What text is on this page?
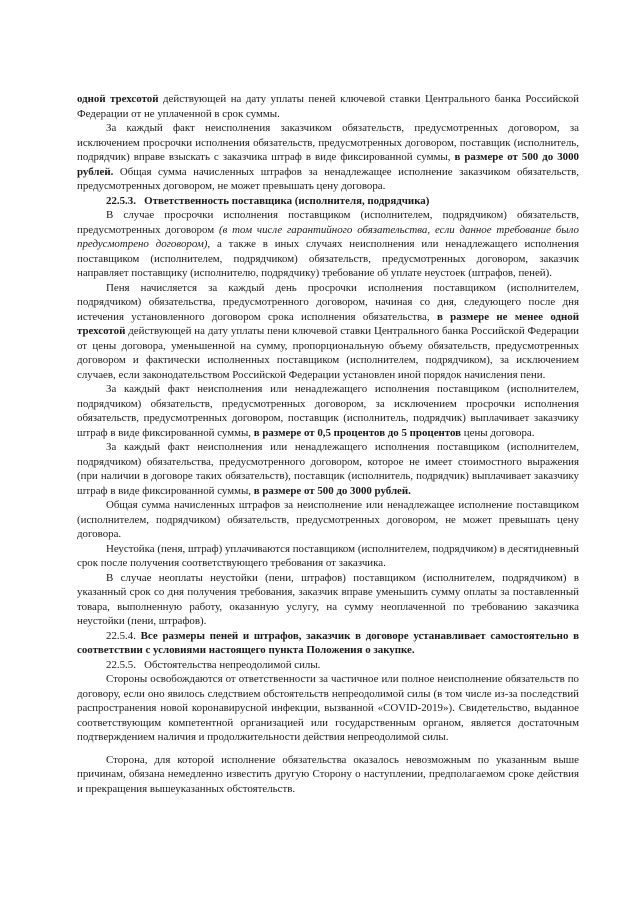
одной трехсотой действующей на дату уплаты пеней ключевой ставки Центрального банка Российской Федерации от не уплаченной в срок суммы.

За каждый факт неисполнения заказчиком обязательств, предусмотренных договором, за исключением просрочки исполнения обязательств, предусмотренных договором, поставщик (исполнитель, подрядчик) вправе взыскать с заказчика штраф в виде фиксированной суммы, в размере от 500 до 3000 рублей. Общая сумма начисленных штрафов за ненадлежащее исполнение заказчиком обязательств, предусмотренных договором, не может превышать цену договора.

22.5.3.   Ответственность поставщика (исполнителя, подрядчика)

В случае просрочки исполнения поставщиком (исполнителем, подрядчиком) обязательств, предусмотренных договором (в том числе гарантийного обязательства, если данное требование было предусмотрено договором), а также в иных случаях неисполнения или ненадлежащего исполнения поставщиком (исполнителем, подрядчиком) обязательств, предусмотренных договором, заказчик направляет поставщику (исполнителю, подрядчику) требование об уплате неустоек (штрафов, пеней).

Пеня начисляется за каждый день просрочки исполнения поставщиком (исполнителем, подрядчиком) обязательства, предусмотренного договором, начиная со дня, следующего после дня истечения установленного договором срока исполнения обязательства, в размере не менее одной трехсотой действующей на дату уплаты пени ключевой ставки Центрального банка Российской Федерации от цены договора, уменьшенной на сумму, пропорциональную объему обязательств, предусмотренных договором и фактически исполненных поставщиком (исполнителем, подрядчиком), за исключением случаев, если законодательством Российской Федерации установлен иной порядок начисления пени.

За каждый факт неисполнения или ненадлежащего исполнения поставщиком (исполнителем, подрядчиком) обязательств, предусмотренных договором, за исключением просрочки исполнения обязательств, предусмотренных договором, поставщик (исполнитель, подрядчик) выплачивает заказчику штраф в виде фиксированной суммы, в размере от 0,5 процентов до 5 процентов цены договора.

За каждый факт неисполнения или ненадлежащего исполнения поставщиком (исполнителем, подрядчиком) обязательства, предусмотренного договором, которое не имеет стоимостного выражения (при наличии в договоре таких обязательств), поставщик (исполнитель, подрядчик) выплачивает заказчику штраф в виде фиксированной суммы, в размере от 500 до 3000 рублей.

Общая сумма начисленных штрафов за неисполнение или ненадлежащее исполнение поставщиком (исполнителем, подрядчиком) обязательств, предусмотренных договором, не может превышать цену договора.

Неустойка (пеня, штраф) уплачиваются поставщиком (исполнителем, подрядчиком) в десятидневный срок после получения соответствующего требования от заказчика.

В случае неоплаты неустойки (пени, штрафов) поставщиком (исполнителем, подрядчиком) в указанный срок со дня получения требования, заказчик вправе уменьшить сумму оплаты за поставленный товара, выполненную работу, оказанную услугу, на сумму неоплаченной по требованию заказчика неустойки (пени, штрафов).

22.5.4. Все размеры пеней и штрафов, заказчик в договоре устанавливает самостоятельно в соответствии с условиями настоящего пункта Положения о закупке.

22.5.5.   Обстоятельства непреодолимой силы.

Стороны освобождаются от ответственности за частичное или полное неисполнение обязательств по договору, если оно явилось следствием обстоятельств непреодолимой силы (в том числе из-за последствий распространения новой коронавирусной инфекции, вызванной «COVID-2019»). Свидетельство, выданное соответствующим компетентной организацией или государственным органом, является достаточным подтверждением наличия и продолжительности действия непреодолимой силы.

Сторона, для которой исполнение обязательства оказалось невозможным по указанным выше причинам, обязана немедленно известить другую Сторону о наступлении, предполагаемом сроке действия и прекращения вышеуказанных обстоятельств.
